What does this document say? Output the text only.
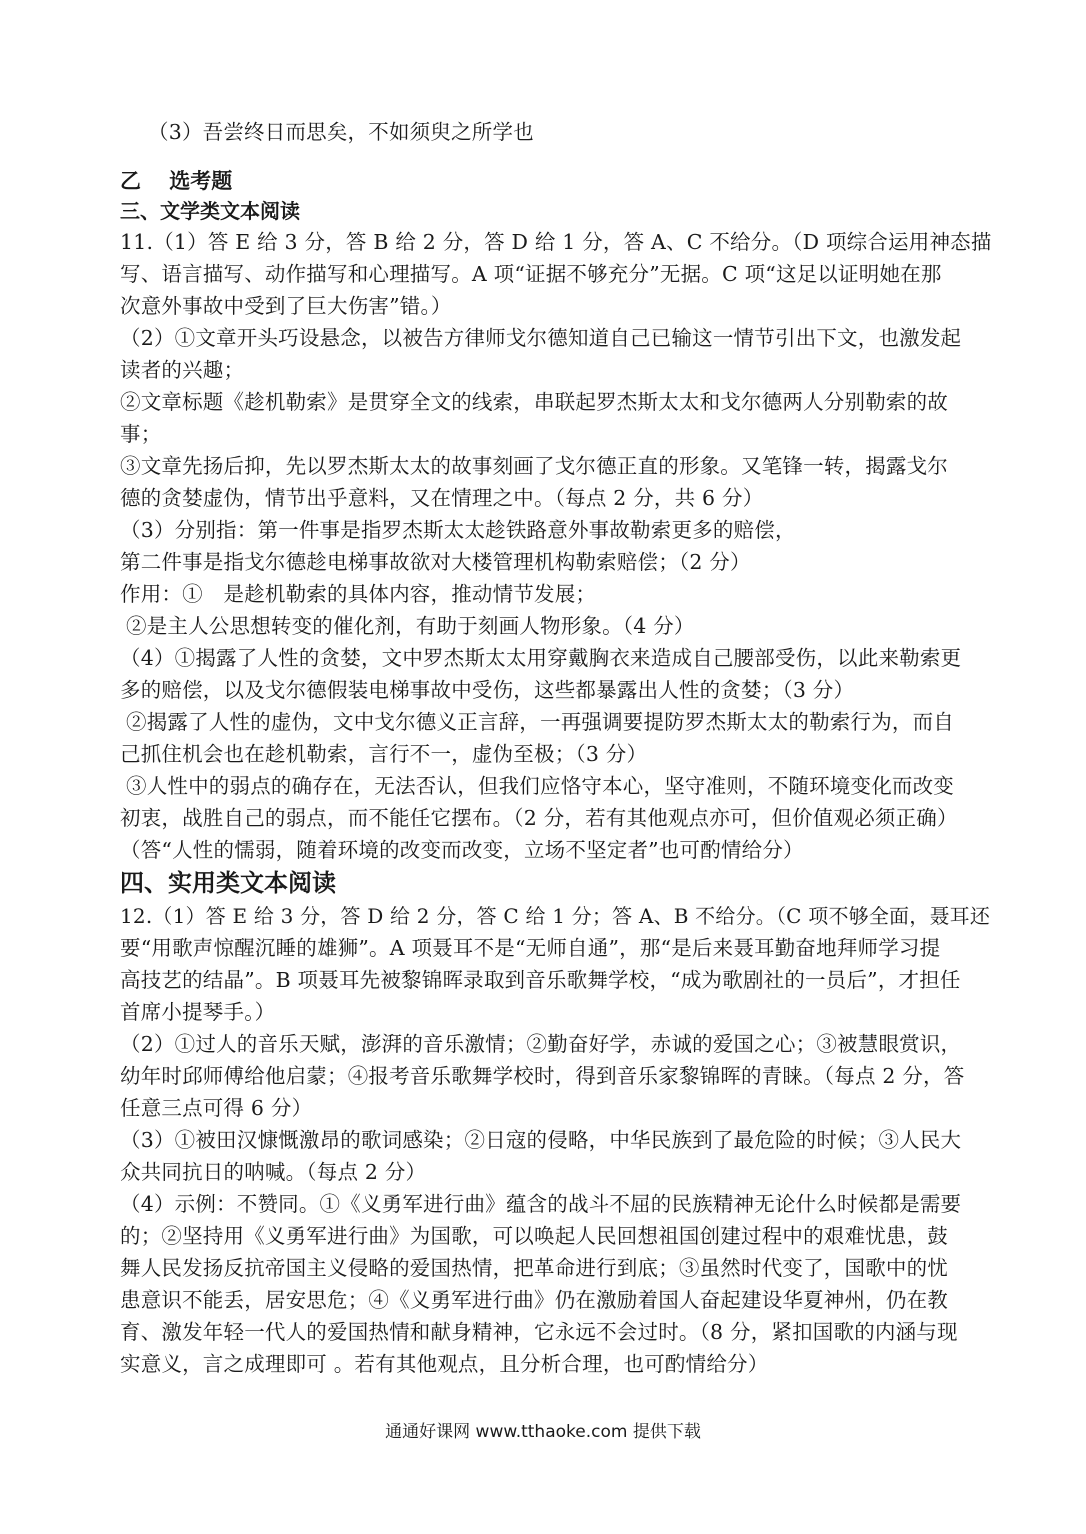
（3）吾尝终日而思矣，不如须臾之所学也
乙　 选考题
三、文学类文本阅读
11.（1）答 E 给 3 分，答 B 给 2 分，答 D 给 1 分，答 A、C 不给分。（D 项综合运用神态描
写、语言描写、动作描写和心理描写。A 项“证据不够充分”无据。C 项“这足以证明她在那
次意外事故中受到了巨大伤害”错。）
（2）①文章开头巧设悬念，以被告方律师戈尔德知道自己已输这一情节引出下文，也激发起
读者的兴趣；
②文章标题《趁机勒索》是贯穿全文的线索，串联起罗杰斯太太和戈尔德两人分别勒索的故
事；
③文章先扬后抑，先以罗杰斯太太的故事刻画了戈尔德正直的形象。又笔锋一转，揭露戈尔
德的贪婪虚伪，情节出乎意料，又在情理之中。（每点 2 分，共 6 分）
（3）分别指：第一件事是指罗杰斯太太趁铁路意外事故勒索更多的赔偿，
第二件事是指戈尔德趁电梯事故欲对大楼管理机构勒索赔偿；（2 分）
作用：①　是趁机勒索的具体内容，推动情节发展；
②是主人公思想转变的催化剂，有助于刻画人物形象。（4 分）
（4）①揭露了人性的贪婪，文中罗杰斯太太用穿戴胸衣来造成自己腰部受伤，以此来勒索更
多的赔偿，以及戈尔德假装电梯事故中受伤，这些都暴露出人性的贪婪；（3 分）
②揭露了人性的虚伪，文中戈尔德义正言辞，一再强调要提防罗杰斯太太的勒索行为，而自
己抓住机会也在趁机勒索，言行不一，虚伪至极；（3 分）
③人性中的弱点的确存在，无法否认，但我们应恪守本心，坚守准则，不随环境变化而改变
初衷，战胜自己的弱点，而不能任它摆布。（2 分，若有其他观点亦可，但价值观必须正确）
（答“人性的懦弱，随着环境的改变而改变，立场不坚定者”也可酌情给分）
四、实用类文本阅读
12.（1）答 E 给 3 分，答 D 给 2 分，答 C 给 1 分；答 A、B 不给分。（C 项不够全面，聂耳还
要“用歌声惊醒沉睡的雄狮”。A 项聂耳不是“无师自通”，那“是后来聂耳勤奋地拜师学习提
高技艺的结晶”。B 项聂耳先被黎锦晖录取到音乐歌舞学校，“成为歌剧社的一员后”，才担任
首席小提琴手。）
（2）①过人的音乐天赋，澎湃的音乐激情；②勤奋好学，赤诚的爱国之心；③被慧眼赏识，
幼年时邱师傅给他启蒙；④报考音乐歌舞学校时，得到音乐家黎锦晖的青睐。（每点 2 分，答
任意三点可得 6 分）
（3）①被田汉慷慨激昂的歌词感染；②日寇的侵略，中华民族到了最危险的时候；③人民大
众共同抗日的呐喊。（每点 2 分）
（4）示例：不赞同。①《义勇军进行曲》蕴含的战斗不屈的民族精神无论什么时候都是需要
的；②坚持用《义勇军进行曲》为国歌，可以唤起人民回想祖国创建过程中的艰难忧患，鼓
舞人民发扬反抗帝国主义侵略的爱国热情，把革命进行到底；③虽然时代变了，国歌中的忧
患意识不能丢，居安思危；④《义勇军进行曲》仍在激励着国人奋起建设华夏神州，仍在教
育、激发年轻一代人的爱国热情和献身精神，它永远不会过时。（8 分，紧扣国歌的内涵与现
实意义，言之成理即可 。若有其他观点，且分析合理，也可酌情给分）
通通好课网 www.tthaoke.com 提供下载
